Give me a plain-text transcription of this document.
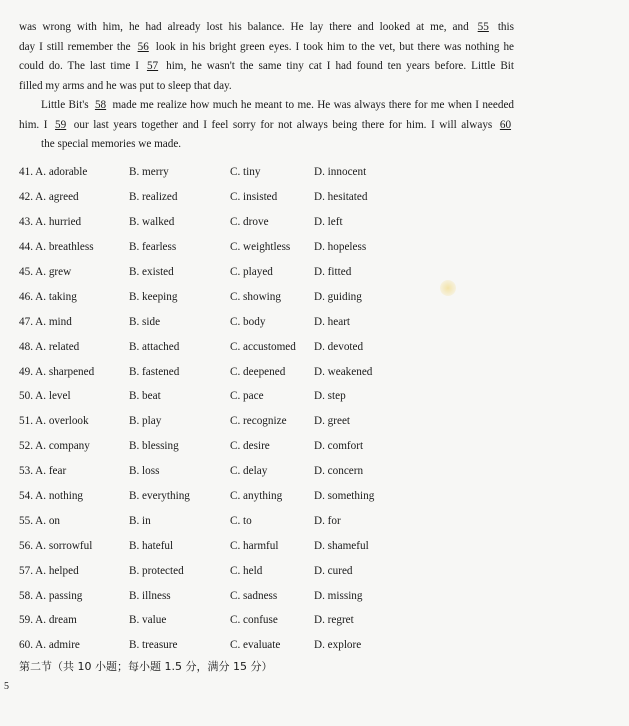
was wrong with him, he had already lost his balance. He lay there and looked at me, and 55 this

day I still remember the 56 look in his bright green eyes. I took him to the vet, but there was nothing he

could do. The last time I 57 him, he wasn't the same tiny cat I had found ten years before. Little Bit

filled my arms and he was put to sleep that day.

Little Bit's 58 made me realize how much he meant to me. He was always there for me when I needed

him. I 59 our last years together and I feel sorry for not always being there for him. I will always 60

the special memories we made.

41. A. adorable	B. merry	C. tiny	D. innocent
42. A. agreed	B. realized	C. insisted	D. hesitated
43. A. hurried	B. walked	C. drove	D. left
44. A. breathless	B. fearless	C. weightless	D. hopeless
45. A. grew	B. existed	C. played	D. fitted
46. A. taking	B. keeping	C. showing	D. guiding
47. A. mind	B. side	C. body	D. heart
48. A. related	B. attached	C. accustomed	D. devoted
49. A. sharpened	B. fastened	C. deepened	D. weakened
50. A. level	B. beat	C. pace	D. step
51. A. overlook	B. play	C. recognize	D. greet
52. A. company	B. blessing	C. desire	D. comfort
53. A. fear	B. loss	C. delay	D. concern
54. A. nothing	B. everything	C. anything	D. something
55. A. on	B. in	C. to	D. for
56. A. sorrowful	B. hateful	C. harmful	D. shameful
57. A. helped	B. protected	C. held	D. cured
58. A. passing	B. illness	C. sadness	D. missing
59. A. dream	B. value	C. confuse	D. regret
60. A. admire	B. treasure	C. evaluate	D. explore
第二节（共 10 小题；每小题 1.5 分，满分 15 分）
5
